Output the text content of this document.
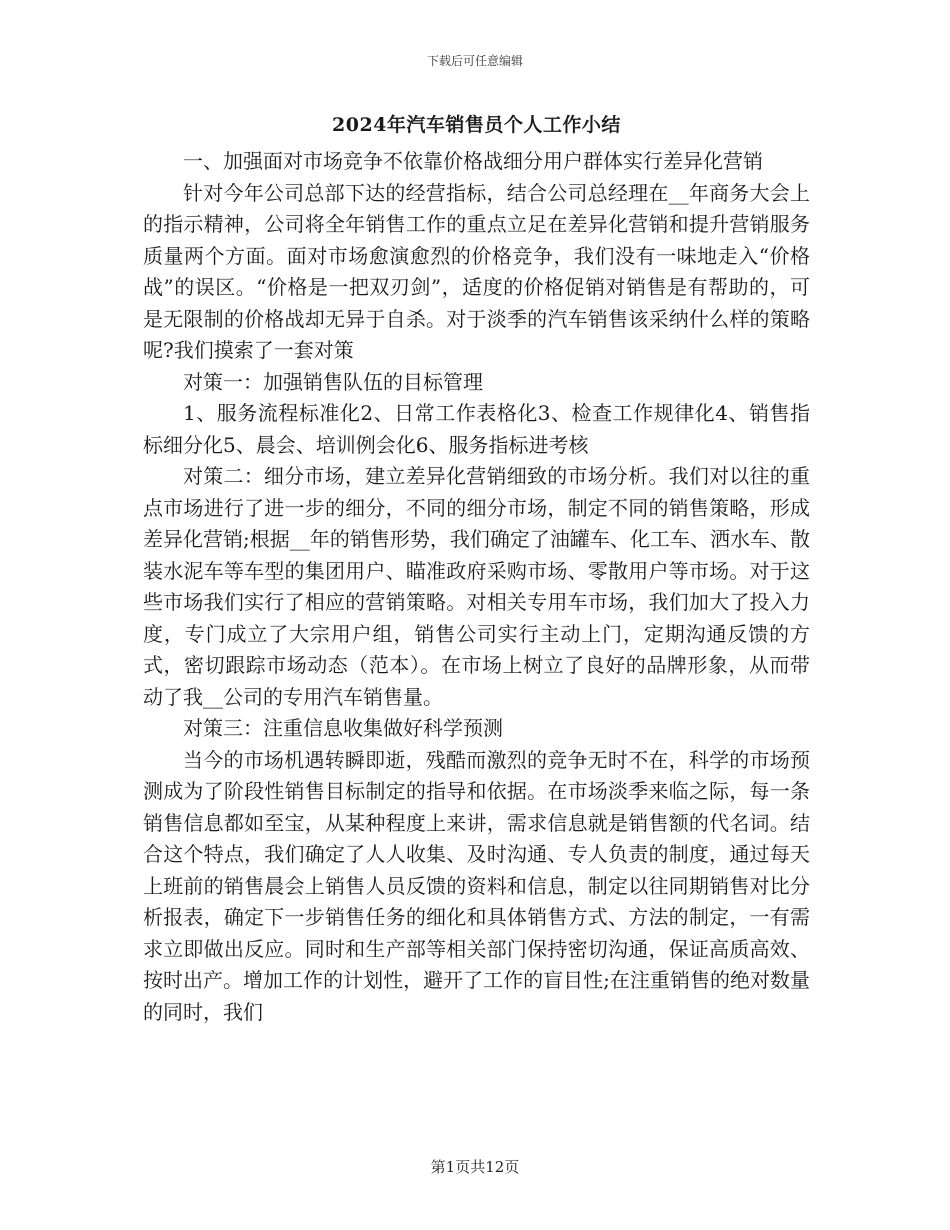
下载后可任意编辑
2024年汽车销售员个人工作小结

一、加强面对市场竞争不依靠价格战细分用户群体实行差异化营销

针对今年公司总部下达的经营指标，结合公司总经理在__年商务大会上的指示精神，公司将全年销售工作的重点立足在差异化营销和提升营销服务质量两个方面。面对市场愈演愈烈的价格竞争，我们没有一味地走入“价格战”的误区。“价格是一把双刃剑”，适度的价格促销对销售是有帮助的，可是无限制的价格战却无异于自杀。对于淡季的汽车销售该采纳什么样的策略呢?我们摸索了一套对策

对策一：加强销售队伍的目标管理

1、服务流程标准化2、日常工作表格化3、检查工作规律化4、销售指标细分化5、晨会、培训例会化6、服务指标进考核

对策二：细分市场，建立差异化营销细致的市场分析。我们对以往的重点市场进行了进一步的细分，不同的细分市场，制定不同的销售策略，形成差异化营销;根据__年的销售形势，我们确定了油罐车、化工车、洒水车、散装水泥车等车型的集团用户、瞄准政府采购市场、零散用户等市场。对于这些市场我们实行了相应的营销策略。对相关专用车市场，我们加大了投入力度，专门成立了大宗用户组，销售公司实行主动上门，定期沟通反馈的方式，密切跟踪市场动态（范本）。在市场上树立了良好的品牌形象，从而带动了我__公司的专用汽车销售量。

对策三：注重信息收集做好科学预测

当今的市场机遇转瞬即逝，残酷而激烈的竞争无时不在，科学的市场预测成为了阶段性销售目标制定的指导和依据。在市场淡季来临之际，每一条销售信息都如至宝，从某种程度上来讲，需求信息就是销售额的代名词。结合这个特点，我们确定了人人收集、及时沟通、专人负责的制度，通过每天上班前的销售晨会上销售人员反馈的资料和信息，制定以往同期销售对比分析报表，确定下一步销售任务的细化和具体销售方式、方法的制定，一有需求立即做出反应。同时和生产部等相关部门保持密切沟通，保证高质高效、按时出产。增加工作的计划性，避开了工作的盲目性;在注重销售的绝对数量的同时，我们

第1页共12页
